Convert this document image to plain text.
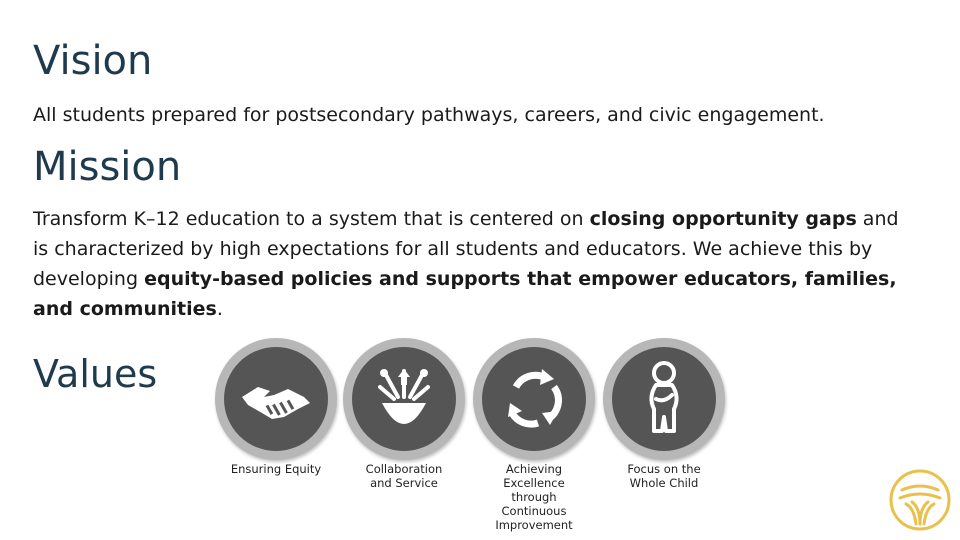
Vision

All students prepared for postsecondary pathways, careers, and civic engagement.

Mission

Transform K–12 education to a system that is centered on closing opportunity gaps and is characterized by high expectations for all students and educators. We achieve this by developing equity-based policies and supports that empower educators, families, and communities.

Values
Ensuring Equity	Collaboration
and Service
Achieving
Excellence
through
Continuous
Improvement
Focus on the
Whole Child
